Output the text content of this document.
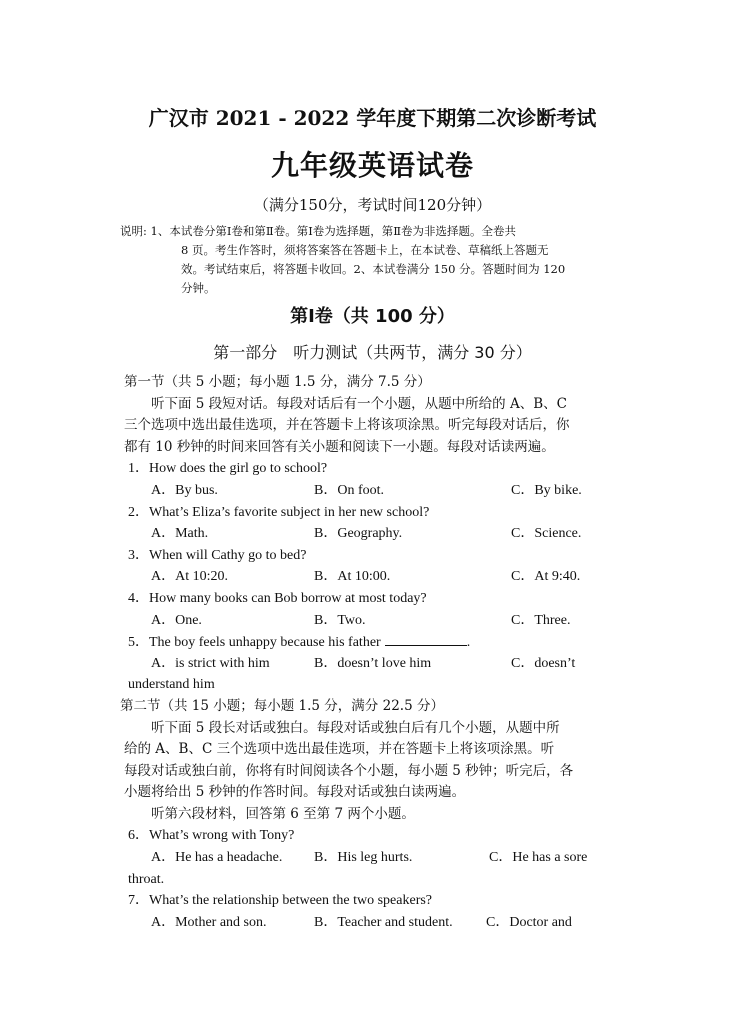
广汉市 2021 - 2022 学年度下期第二次诊断考试
九年级英语试卷
（满分150分，考试时间120分钟）
说明: 1、本试卷分第Ⅰ卷和第Ⅱ卷。第Ⅰ卷为选择题，第Ⅱ卷为非选择题。全卷共
8 页。考生作答时，须将答案答在答题卡上，在本试卷、草稿纸上答题无
效。考试结束后，将答题卡收回。2、本试卷满分 150 分。答题时间为 120
分钟。
第Ⅰ卷（共 100 分）
第一部分　听力测试（共两节，满分 30 分）
第一节（共 5 小题；每小题 1.5 分，满分 7.5 分）
听下面 5 段短对话。每段对话后有一个小题，从题中所给的 A、B、C
三个选项中选出最佳选项，并在答题卡上将该项涂黑。听完每段对话后，你
都有 10 秒钟的时间来回答有关小题和阅读下一小题。每段对话读两遍。
1．How does the girl go to school?
A．By bus.	B．On foot.	C．By bike.
2．What’s Eliza’s favorite subject in her new school?
A．Math.	B．Geography.	C．Science.
3．When will Cathy go to bed?
A．At 10:20.	B．At 10:00.	C．At 9:40.
4．How many books can Bob borrow at most today?
A．One.	B．Two.	C．Three.
5．The boy feels unhappy because his father	.
A．is strict with him	B．doesn’t love him	C．doesn’t
understand him
第二节（共 15 小题；每小题 1.5 分，满分 22.5 分）
听下面 5 段长对话或独白。每段对话或独白后有几个小题，从题中所
给的 A、B、C 三个选项中选出最佳选项，并在答题卡上将该项涂黑。听
每段对话或独白前，你将有时间阅读各个小题，每小题 5 秒钟；听完后，各
小题将给出 5 秒钟的作答时间。每段对话或独白读两遍。
听第六段材料，回答第 6 至第 7 两个小题。
6．What’s wrong with Tony?
A．He has a headache. B．His leg hurts.	C．He has a sore
throat.
7．What’s the relationship between the two speakers?
A．Mother and son.	B．Teacher and student. C．Doctor and
